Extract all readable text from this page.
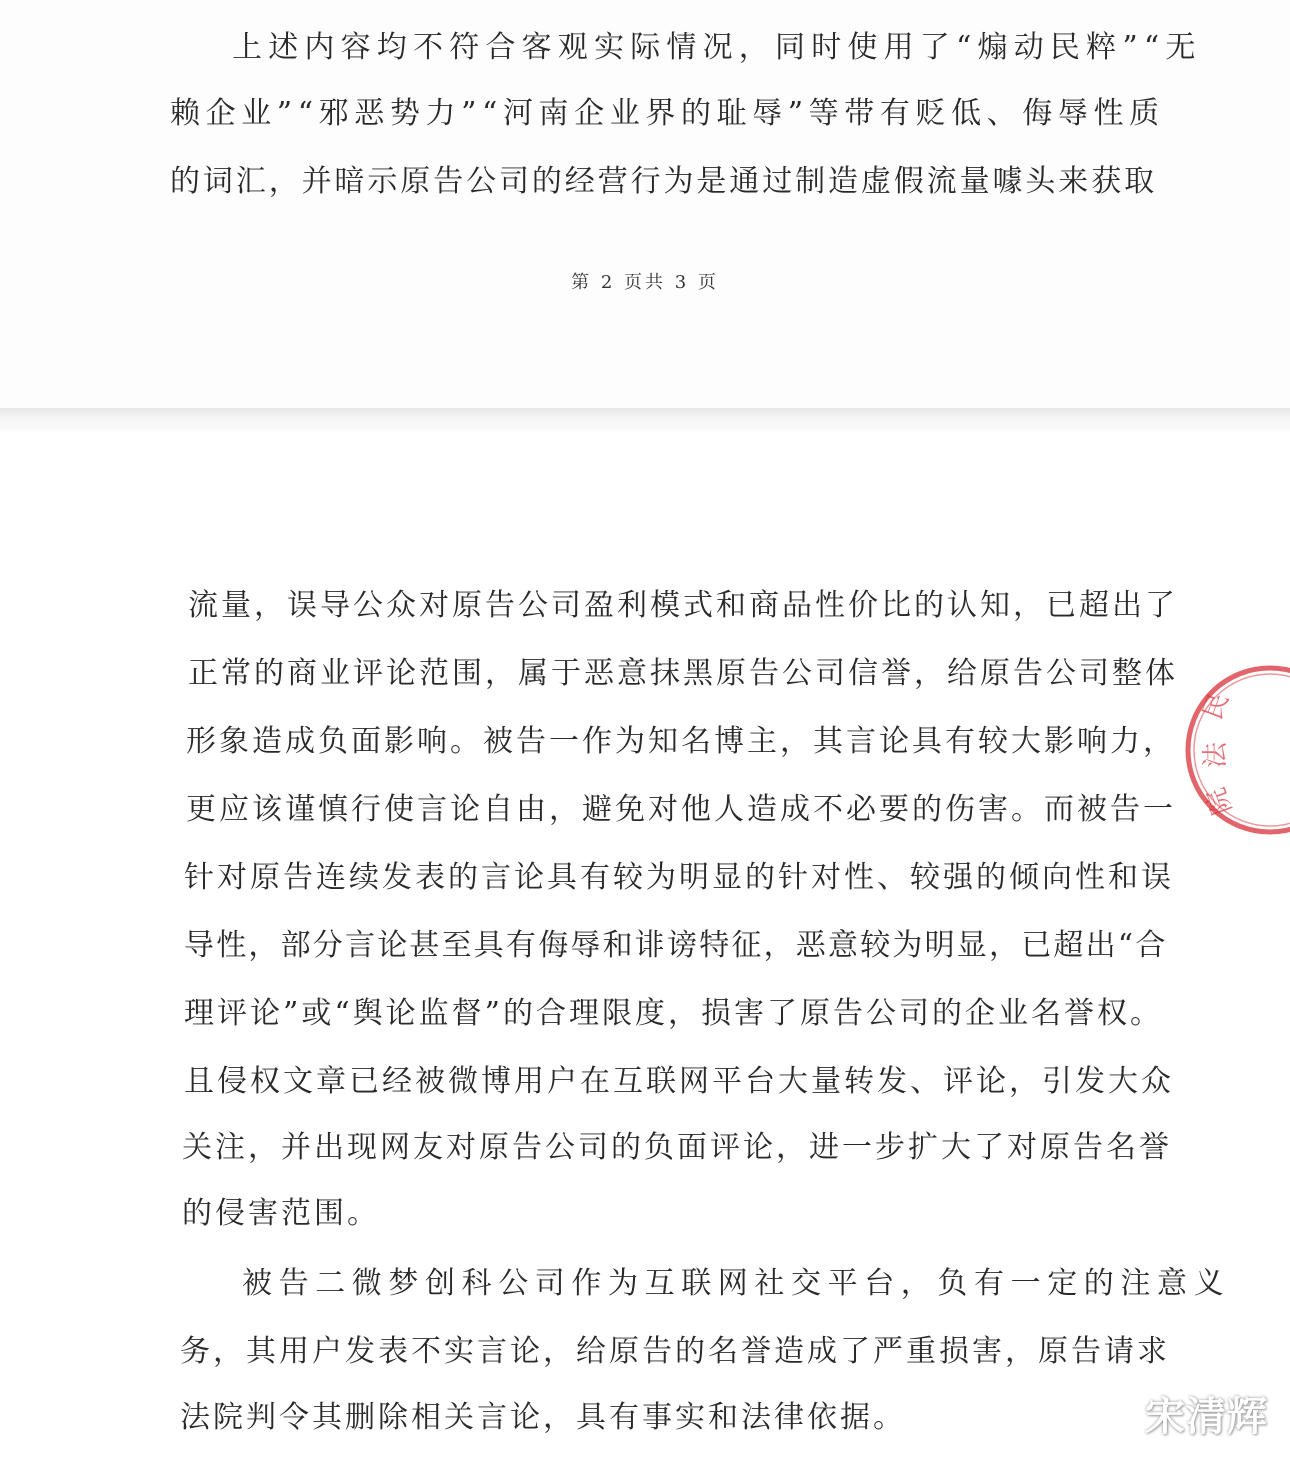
上述内容均不符合客观实际情况，同时使用了“煽动民粹”“无
赖企业”“邪恶势力”“河南企业界的耻辱”等带有贬低、侮辱性质
的词汇，并暗示原告公司的经营行为是通过制造虚假流量噱头来获取
第 2 页共 3 页
流量，误导公众对原告公司盈利模式和商品性价比的认知，已超出了
正常的商业评论范围，属于恶意抹黑原告公司信誉，给原告公司整体
形象造成负面影响。被告一作为知名博主，其言论具有较大影响力，
更应该谨慎行使言论自由，避免对他人造成不必要的伤害。而被告一
针对原告连续发表的言论具有较为明显的针对性、较强的倾向性和误
导性，部分言论甚至具有侮辱和诽谤特征，恶意较为明显，已超出“合
理评论”或“舆论监督”的合理限度，损害了原告公司的企业名誉权。
且侵权文章已经被微博用户在互联网平台大量转发、评论，引发大众
关注，并出现网友对原告公司的负面评论，进一步扩大了对原告名誉
的侵害范围。
被告二微梦创科公司作为互联网社交平台，负有一定的注意义
务，其用户发表不实言论，给原告的名誉造成了严重损害，原告请求
法院判令其删除相关言论，具有事实和法律依据。
民
法
院
宋清辉
